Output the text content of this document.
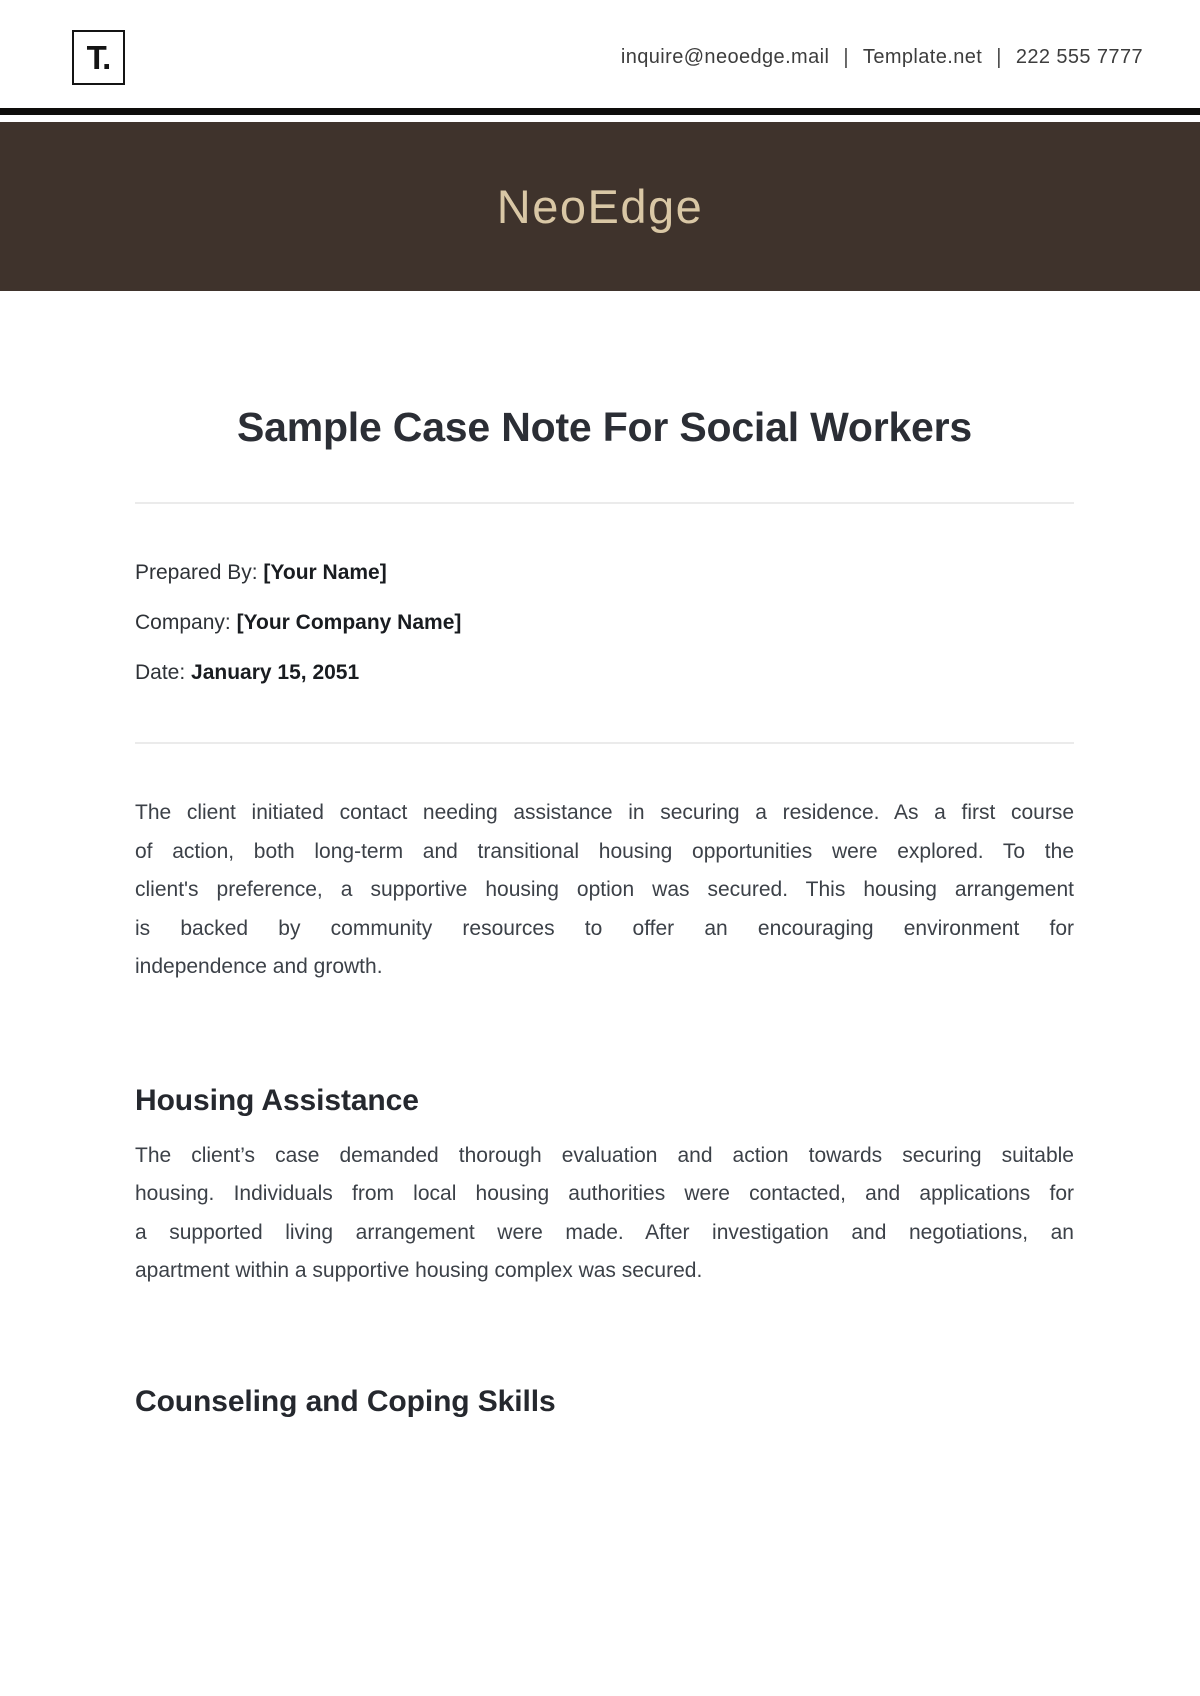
T.	inquire@neoedge.mail | Template.net | 222 555 7777
NeoEdge
Sample Case Note For Social Workers
Prepared By: [Your Name]
Company: [Your Company Name]
Date: January 15, 2051
The client initiated contact needing assistance in securing a residence. As a first course
of action, both long-term and transitional housing opportunities were explored. To the
client's preference, a supportive housing option was secured. This housing arrangement
is backed by community resources to offer an encouraging environment for
independence and growth.
Housing Assistance
The client’s case demanded thorough evaluation and action towards securing suitable
housing. Individuals from local housing authorities were contacted, and applications for
a supported living arrangement were made. After investigation and negotiations, an
apartment within a supportive housing complex was secured.
Counseling and Coping Skills
